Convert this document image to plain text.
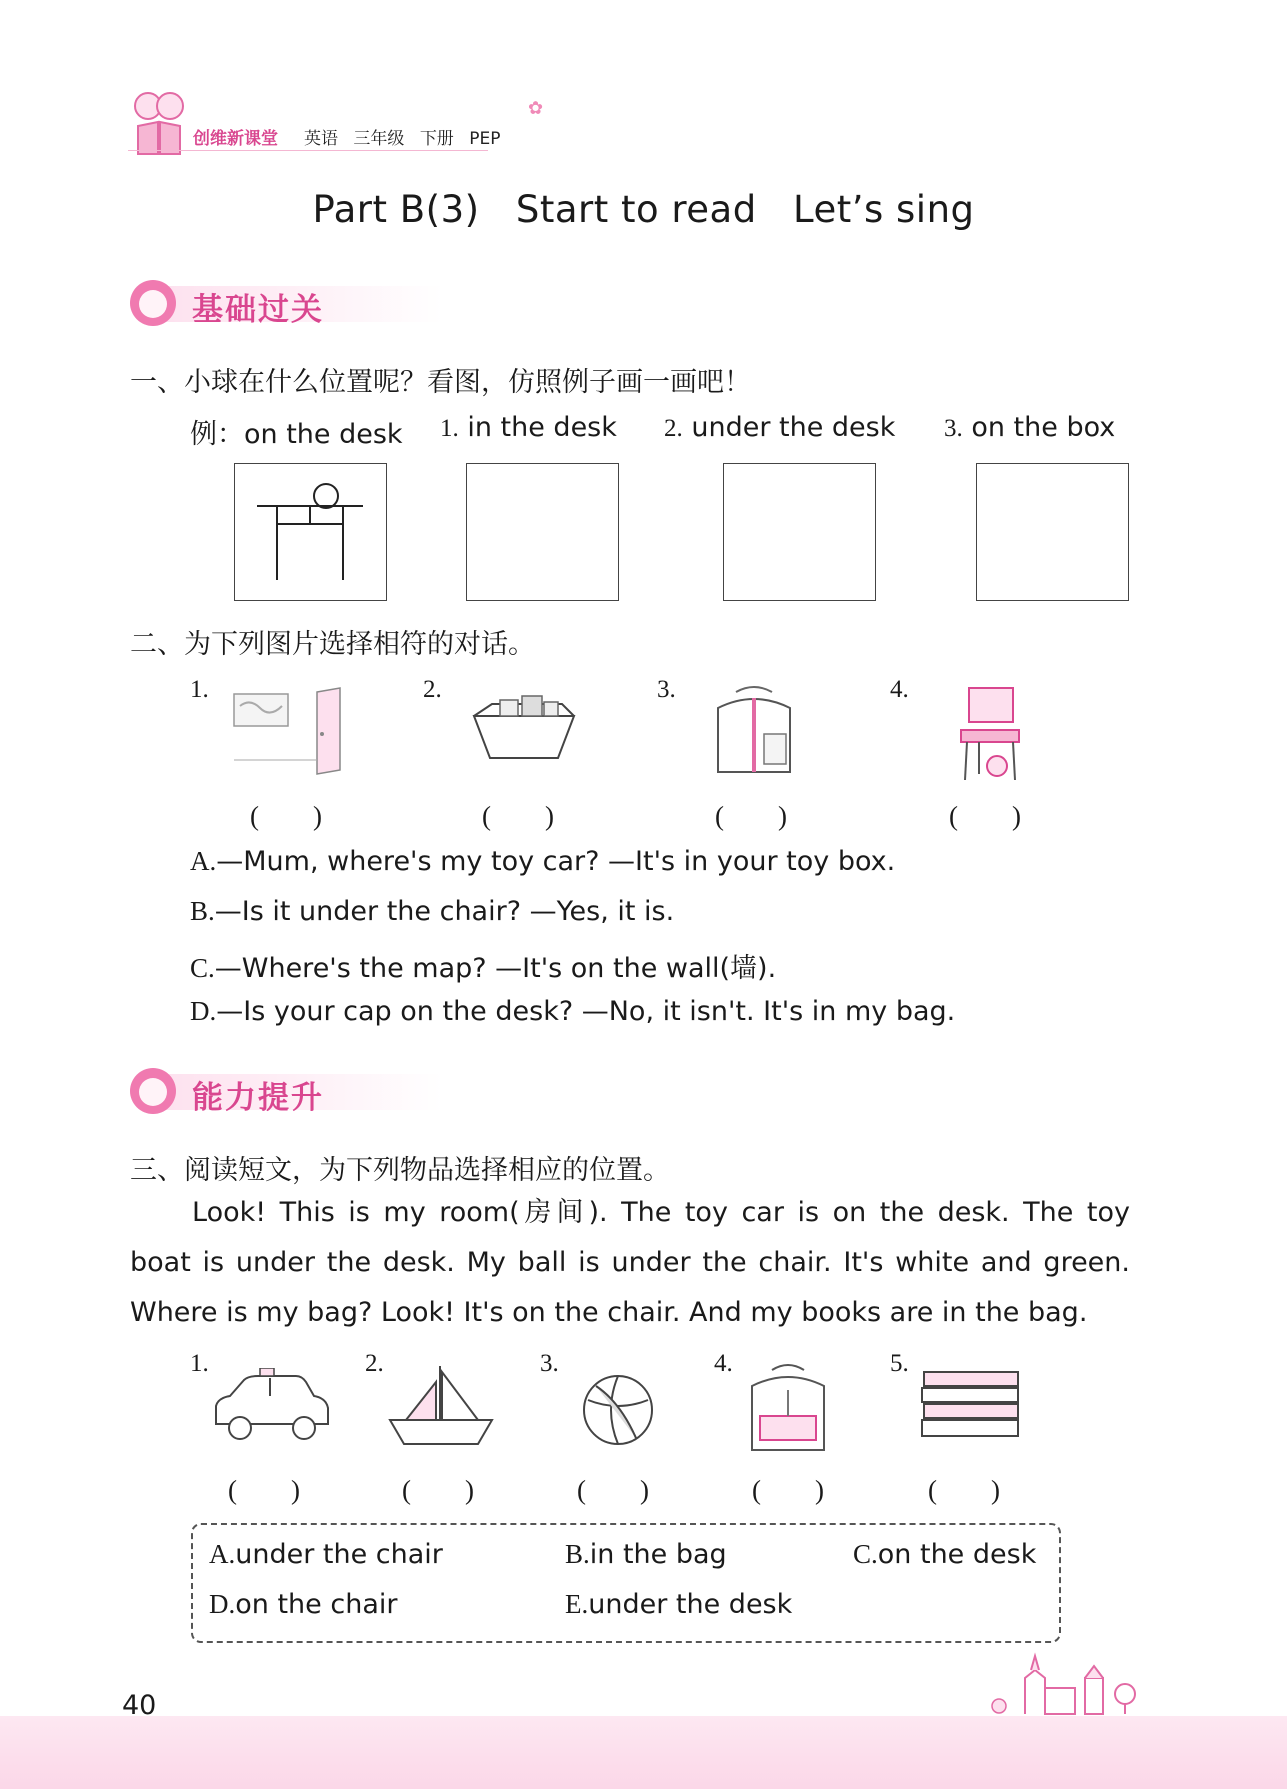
创维新课堂 英语 三年级 下册 PEP
✿
Part B(3) Start to read Let’s sing
基础过关
一、小球在什么位置呢？看图，仿照例子画一画吧！
例：on the desk 1. in the desk 2. under the desk 3. on the box
二、为下列图片选择相符的对话。
1.	2.	3.	4.
(　　)	(　　)	(　　)	(　　)
A.—Mum, where's my toy car? —It's in your toy box.
B.—Is it under the chair? —Yes, it is.
C.—Where's the map? —It's on the wall(墙).
D.—Is your cap on the desk? —No, it isn't. It's in my bag.
能力提升
三、阅读短文，为下列物品选择相应的位置。
Look! This is my room(房间). The toy car is on the desk. The toy
boat is under the desk. My ball is under the chair. It's white and green.
Where is my bag? Look! It's on the chair. And my books are in the bag.
1.	2.	3.	4.	5.
(　　)	(　　)	(　　)	(　　)	(　　)
A.under the chair	B.in the bag	C.on the desk
D.on the chair	E.under the desk
40
